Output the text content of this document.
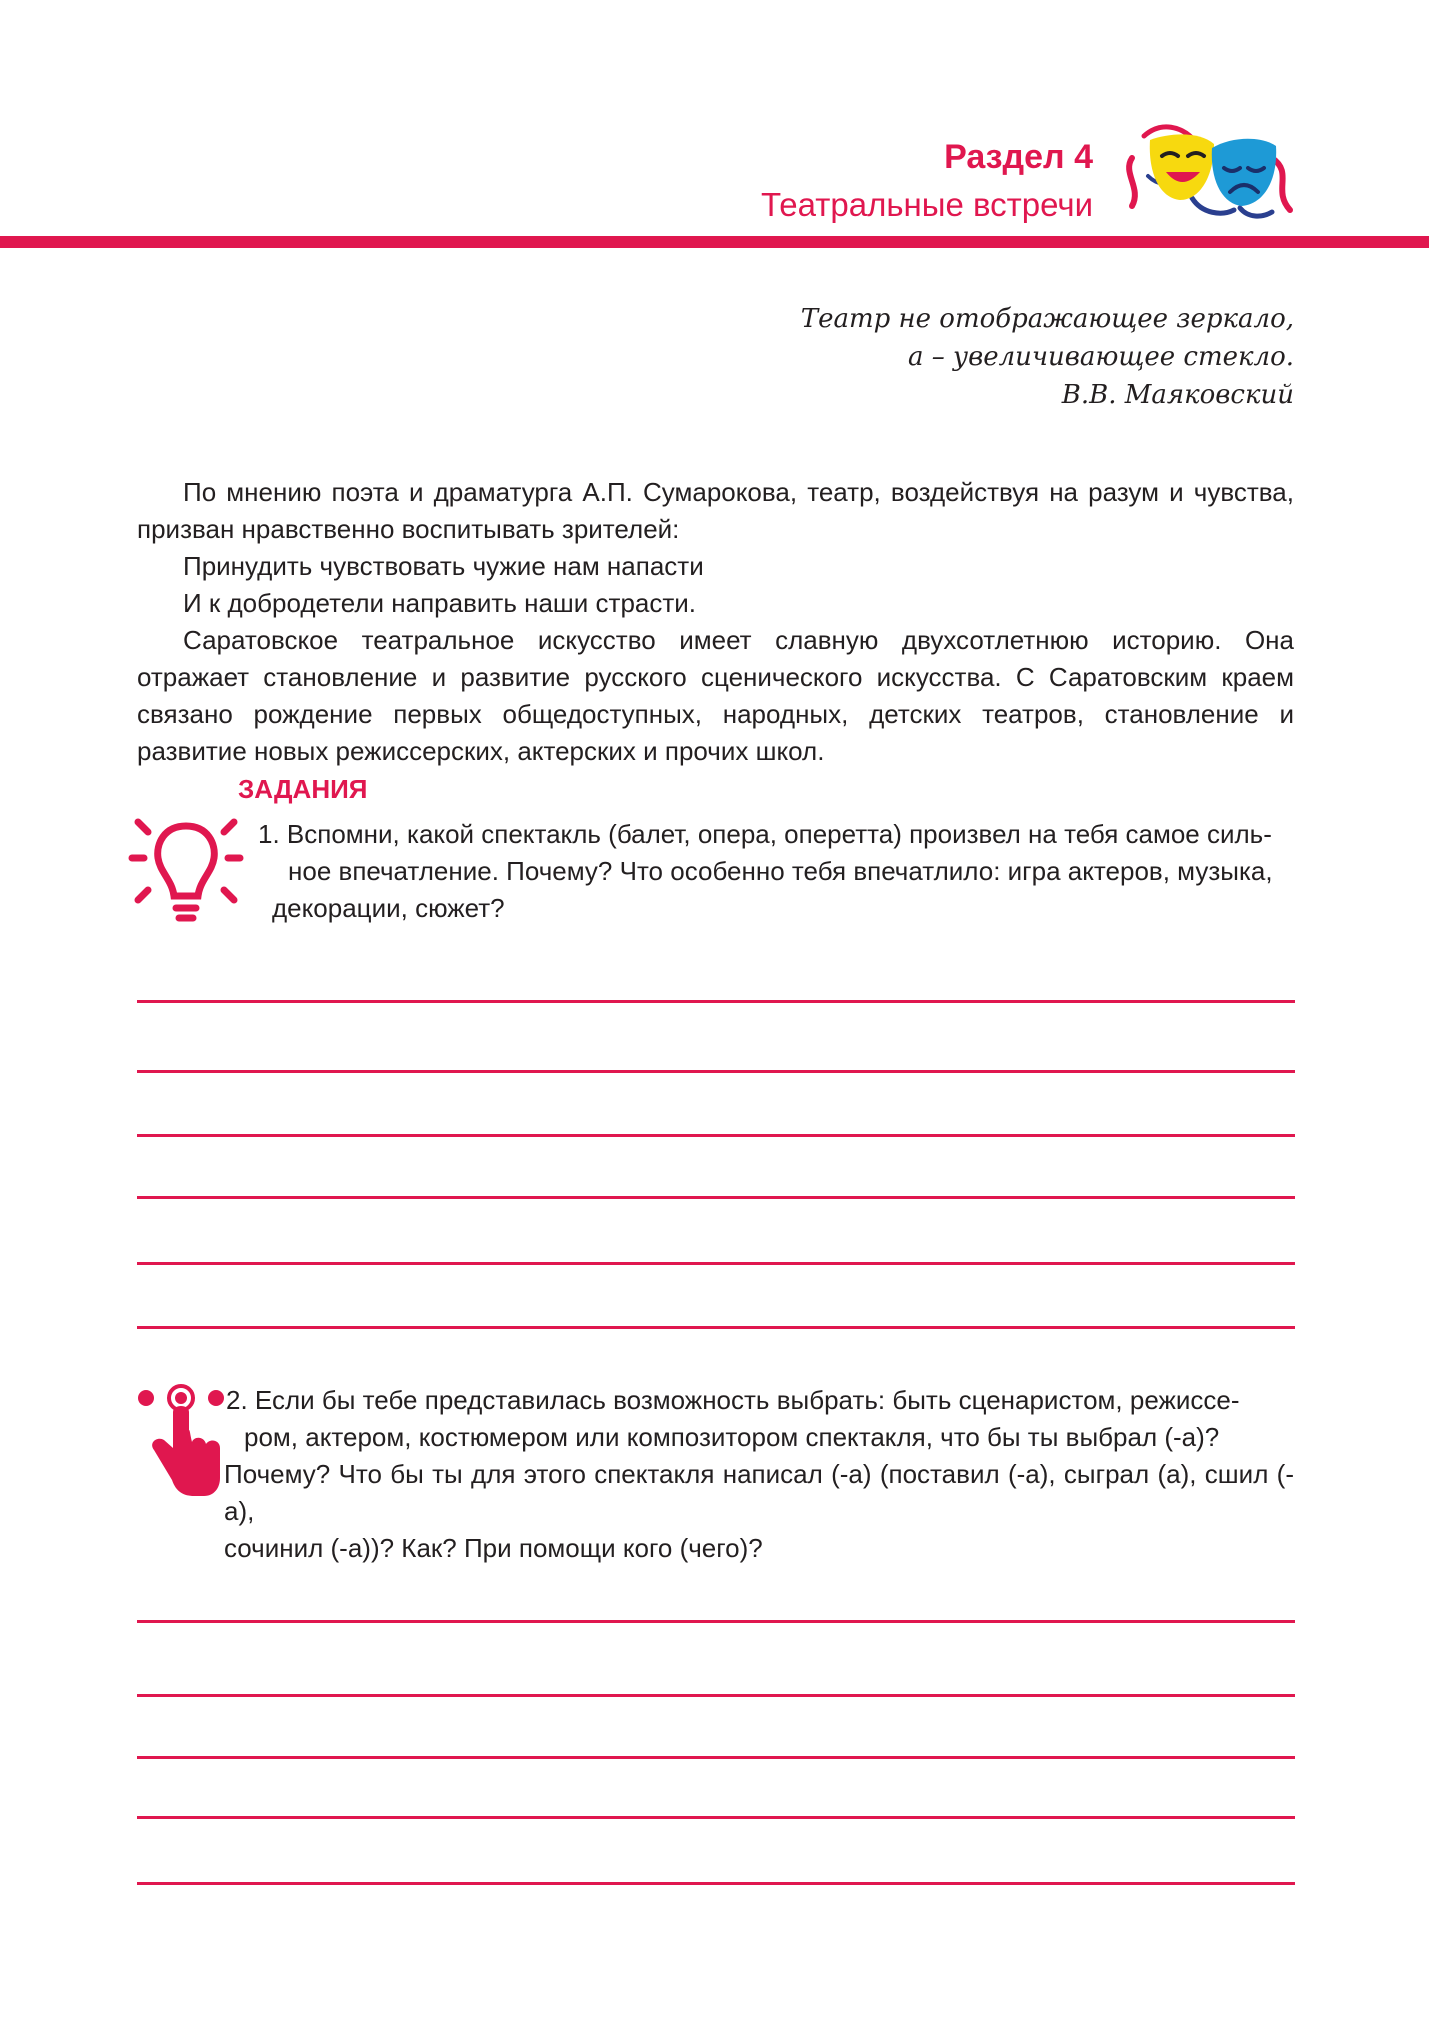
Раздел 4
Театральные встречи
Театр не отображающее зеркало,
а – увеличивающее стекло.
В.В. Маяковский

По мнению поэта и драматурга А.П. Сумарокова, театр, воздействуя на разум и чувства, призван нравственно воспитывать зрителей:

Принудить чувствовать чужие нам напасти

И к добродетели направить наши страсти.

Саратовское театральное искусство имеет славную двухсотлетнюю историю. Она отражает становление и развитие русского сценического искусства. С Саратовским краем связано рождение первых общедоступных, народных, детских театров, становление и развитие новых режиссерских, актерских и прочих школ.

ЗАДАНИЯ
1. Вспомни, какой спектакль (балет, опера, оперетта) произвел на тебя самое силь-
ное впечатление. Почему? Что особенно тебя впечатлило: игра актеров, музыка,
декорации, сюжет?

2. Если бы тебе представилась возможность выбрать: быть сценаристом, режиссе-

ром, актером, костюмером или композитором спектакля, что бы ты выбрал (-а)?

Почему? Что бы ты для этого спектакля написал (-а) (поставил (-а), сыграл (а), сшил (-а),

сочинил (-а))? Как? При помощи кого (чего)?
